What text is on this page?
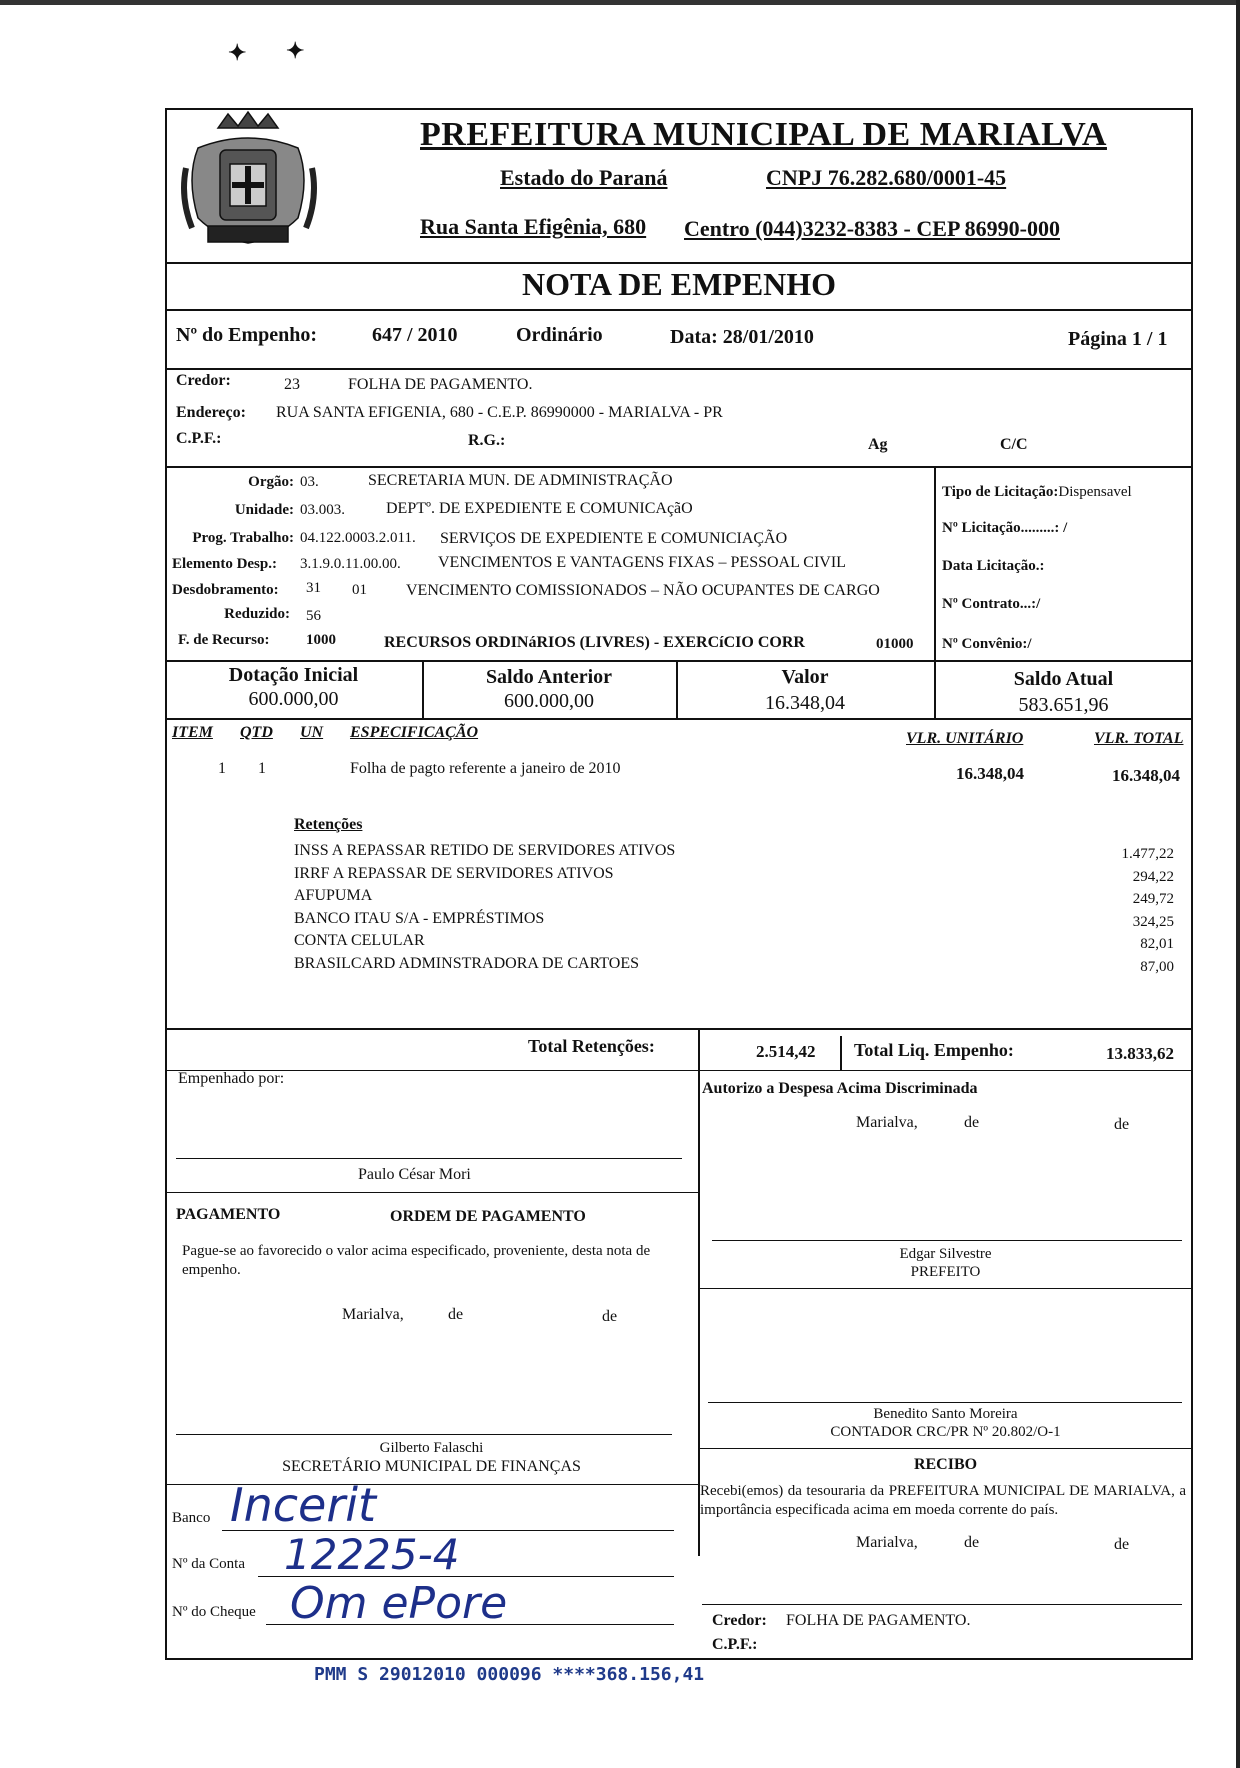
✦ ✦
PREFEITURA MUNICIPAL DE MARIALVA
Estado do Paraná	CNPJ 76.282.680/0001-45
Rua Santa Efigênia, 680 Centro (044)3232-8383 - CEP 86990-000
NOTA DE EMPENHO
Nº do Empenho:	647 / 2010	Ordinário	Data: 28/01/2010	Página 1 / 1
Credor:	23	FOLHA DE PAGAMENTO.
Endereço: RUA SANTA EFIGENIA, 680 - C.E.P. 86990000 - MARIALVA - PR
C.P.F.:	R.G.:	Ag	C/C
Orgão: 03.	SECRETARIA MUN. DE ADMINISTRAÇÃO
Unidade: 03.003.	DEPTº. DE EXPEDIENTE E COMUNICAçãO
Prog. Trabalho: 04.122.0003.2.011. SERVIÇOS DE EXPEDIENTE E COMUNICIAÇÃO
Elemento Desp.: 3.1.9.0.11.00.00. VENCIMENTOS E VANTAGENS FIXAS – PESSOAL CIVIL
Desdobramento: 31 01 VENCIMENTO COMISSIONADOS – NÃO OCUPANTES DE CARGO
Reduzido: 56
F. de Recurso: 1000	RECURSOS ORDINáRIOS (LIVRES) - EXERCíCIO CORR	01000
Tipo de Licitação:Dispensavel
Nº Licitação.........: /
Data Licitação.:
Nº Contrato...:/
Nº Convênio:/
Dotação Inicial
600.000,00
Saldo Anterior
600.000,00
Valor
16.348,04
Saldo Atual
583.651,96
ITEM QTD UN ESPECIFICAÇÃO	VLR. UNITÁRIO	VLR. TOTAL
1 1	Folha de pagto referente a janeiro de 2010	16.348,04	16.348,04
Retenções
INSS A REPASSAR RETIDO DE SERVIDORES ATIVOS	1.477,22
IRRF A REPASSAR DE SERVIDORES ATIVOS	294,22
AFUPUMA	249,72
BANCO ITAU S/A - EMPRÉSTIMOS	324,25
CONTA CELULAR	82,01
BRASILCARD ADMINSTRADORA DE CARTOES	87,00
Total Retenções:	2.514,42 Total Liq. Empenho:	13.833,62
Empenhado por:
Paulo César Mori
Autorizo a Despesa Acima Discriminada
Marialva,	de	de
PAGAMENTO	ORDEM DE PAGAMENTO
Pague-se ao favorecido o valor acima especificado, proveniente, desta nota de empenho.
Marialva,	de	de
Edgar Silvestre
PREFEITO
Benedito Santo Moreira
CONTADOR CRC/PR Nº 20.802/O-1
Gilberto Falaschi
SECRETÁRIO MUNICIPAL DE FINANÇAS	RECIBO
Recebi(emos) da tesouraria da PREFEITURA MUNICIPAL DE MARIALVA, a importância especificada acima em moeda corrente do país.
Marialva,	de	de
Credor: FOLHA DE PAGAMENTO.
C.P.F.:
Banco Incerit
Nº da Conta 12225-4
Nº do Cheque Om ePore
PMM S 29012010 000096 ****368.156,41
